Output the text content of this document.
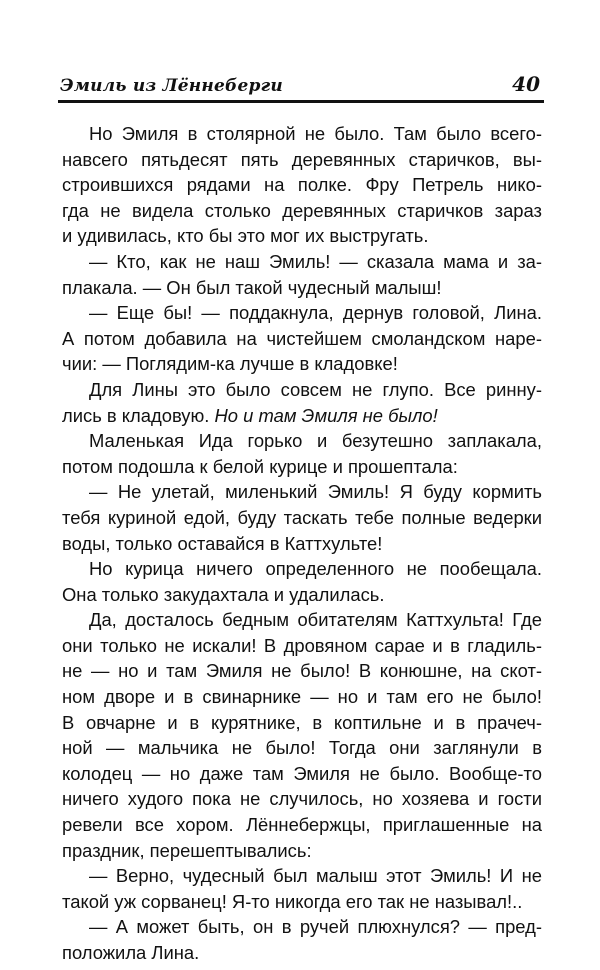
Эмиль из Лённеберги	40
Но Эмиля в столярной не было. Там было всего-
навсего пятьдесят пять деревянных старичков, вы-
строившихся рядами на полке. Фру Петрель нико-
гда не видела столько деревянных старичков зараз
и удивилась, кто бы это мог их выстругать.
— Кто, как не наш Эмиль! — сказала мама и за-
плакала. — Он был такой чудесный малыш!
— Еще бы! — поддакнула, дернув головой, Лина.
А потом добавила на чистейшем смоландском наре-
чии: — Поглядим-ка лучше в кладовке!
Для Лины это было совсем не глупо. Все ринну-
лись в кладовую. Но и там Эмиля не было!
Маленькая Ида горько и безутешно заплакала,
потом подошла к белой курице и прошептала:
— Не улетай, миленький Эмиль! Я буду кормить
тебя куриной едой, буду таскать тебе полные ведерки
воды, только оставайся в Каттхульте!
Но курица ничего определенного не пообещала.
Она только закудахтала и удалилась.
Да, досталось бедным обитателям Каттхульта! Где
они только не искали! В дровяном сарае и в гладиль-
не — но и там Эмиля не было! В конюшне, на скот-
ном дворе и в свинарнике — но и там его не было!
В овчарне и в курятнике, в коптильне и в прачеч-
ной — мальчика не было! Тогда они заглянули в
колодец — но даже там Эмиля не было. Вообще-то
ничего худого пока не случилось, но хозяева и гости
ревели все хором. Лённебержцы, приглашенные на
праздник, перешептывались:
— Верно, чудесный был малыш этот Эмиль! И не
такой уж сорванец! Я-то никогда его так не называл!..
— А может быть, он в ручей плюхнулся? — пред-
положила Лина.
